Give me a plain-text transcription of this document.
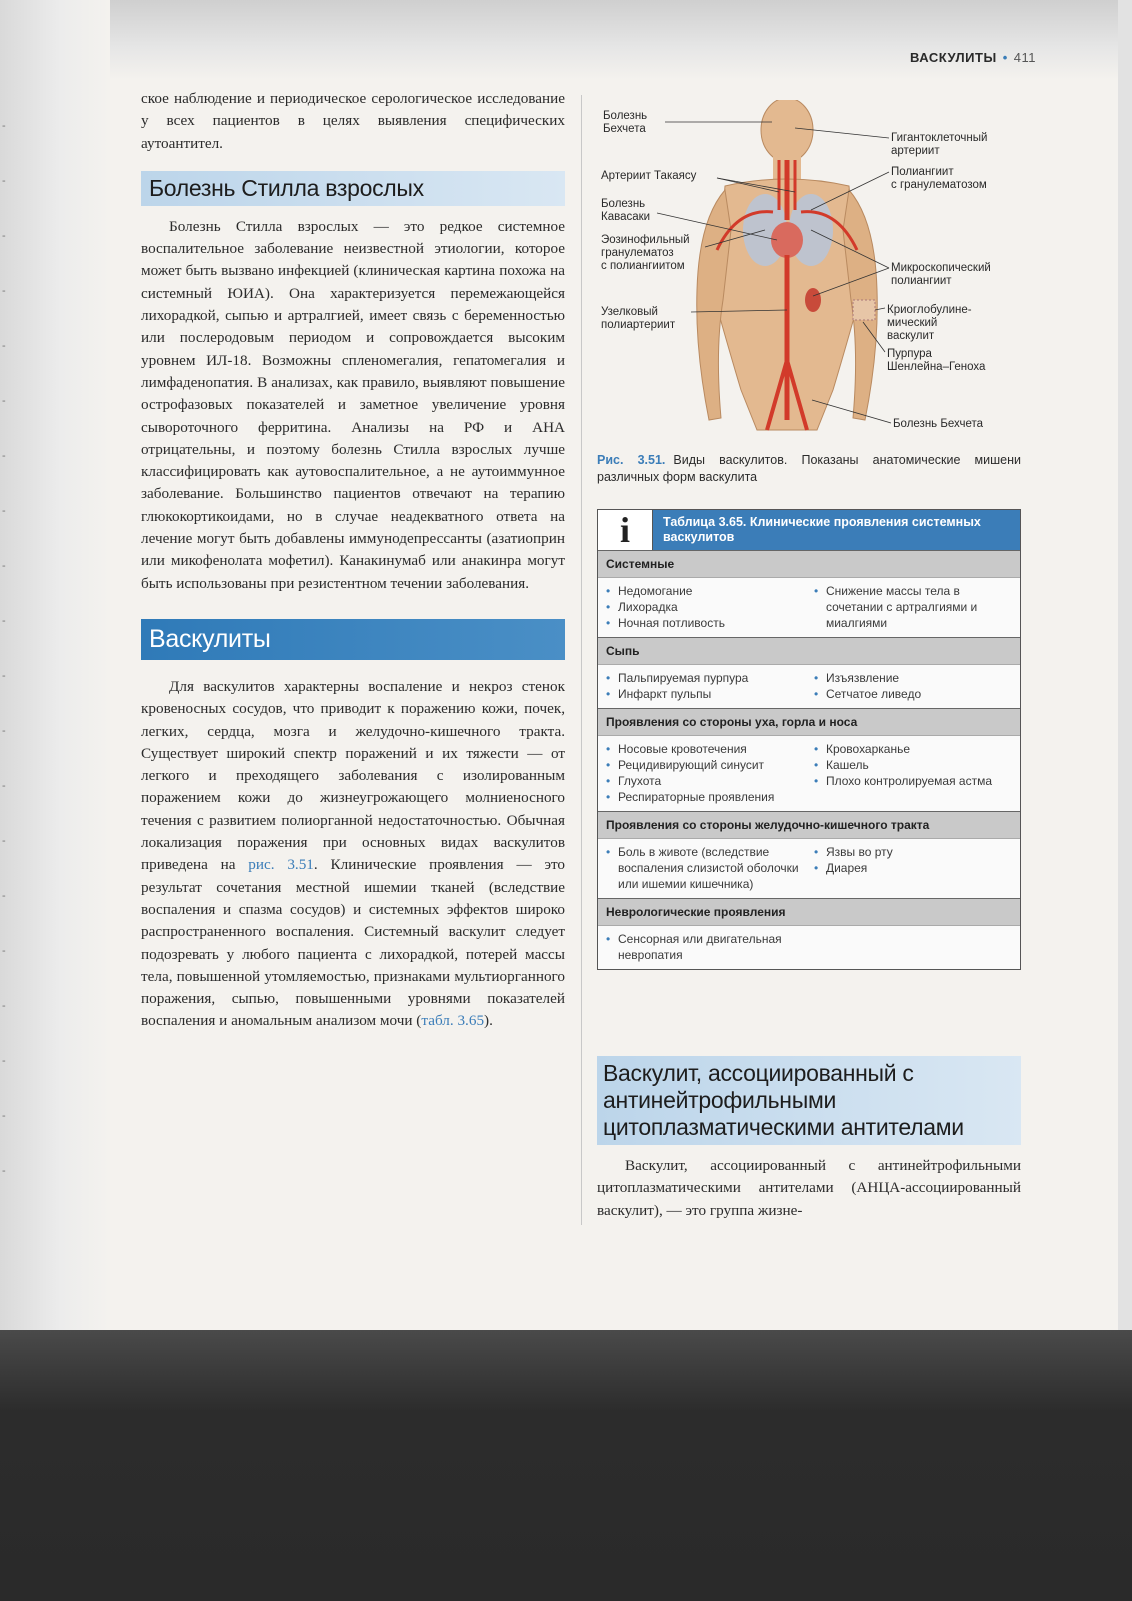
-
-
-
-
-
-
-
-
-
-
-
-
-
-
-
-
-
-
-
-
ВАСКУЛИТЫ • 411

ское наблюдение и периодическое серологическое исследование у всех пациентов в целях выявления специфических аутоантител.

Болезнь Стилла взрослых

Болезнь Стилла взрослых — это редкое системное воспалительное заболевание неизвестной этиологии, которое может быть вызвано инфекцией (клиническая картина похожа на системный ЮИА). Она характеризуется перемежающейся лихорадкой, сыпью и артралгией, имеет связь с беременностью или послеродовым периодом и сопровождается высоким уровнем ИЛ-18. Возможны спленомегалия, гепатомегалия и лимфаденопатия. В анализах, как правило, выявляют повышение острофазовых показателей и заметное увеличение уровня сывороточного ферритина. Анализы на РФ и АНА отрицательны, и поэтому болезнь Стилла взрослых лучше классифицировать как аутовоспалительное, а не аутоиммунное заболевание. Большинство пациентов отвечают на терапию глюкокортикоидами, но в случае неадекватного ответа на лечение могут быть добавлены иммунодепрессанты (азатиоприн или микофенолата мофетил). Канакинумаб или анакинра могут быть использованы при резистентном течении заболевания.

Васкулиты

Для васкулитов характерны воспаление и некроз стенок кровеносных сосудов, что приводит к поражению кожи, почек, легких, сердца, мозга и желудочно-кишечного тракта. Существует широкий спектр поражений и их тяжести — от легкого и преходящего заболевания с изолированным поражением кожи до жизнеугрожающего молниеносного течения с развитием полиорганной недостаточностью. Обычная локализация поражения при основных видах васкулитов приведена на рис. 3.51. Клинические проявления — это результат сочетания местной ишемии тканей (вследствие воспаления и спазма сосудов) и системных эффектов широко распространенного воспаления. Системный васкулит следует подозревать у любого пациента с лихорадкой, потерей массы тела, повышенной утомляемостью, признаками мультиорганного поражения, сыпью, повышенными уровнями показателей воспаления и аномальным анализом мочи (табл. 3.65).

Болезнь
Бехчета
Артериит Такаясу
Болезнь
Кавасаки
Эозинофильный
гранулематоз
с полиангиитом
Узелковый
полиартериит
Гигантоклеточный
артериит
Полиангиит
с гранулематозом
Микроскопический
полиангиит
Криоглобулине-
мический
васкулит
Пурпура
Шенлейна–Геноха
Болезнь Бехчета
Рис. 3.51. Виды васкулитов. Показаны анатомические мишени различных форм васкулита
i	Таблица 3.65. Клинические проявления системных васкулитов
Системные
• Недомогание
• Лихорадка
• Ночная потливость
• Снижение массы тела в сочетании с артралгиями и миалгиями
Сыпь
• Пальпируемая пурпура
• Инфаркт пульпы
• Изъязвление
• Сетчатое ливедо
Проявления со стороны уха, горла и носа
• Носовые кровотечения
• Рецидивирующий синусит
• Глухота
• Респираторные проявления
• Кровохарканье
• Кашель
• Плохо контролируемая астма
Проявления со стороны желудочно-кишечного тракта
• Боль в животе (вследствие воспаления слизистой оболочки или ишемии кишечника)
• Язвы во рту
• Диарея
Неврологические проявления
• Сенсорная или двигательная невропатия
Васкулит, ассоциированный с антинейтрофильными цитоплазматическими антителами

Васкулит, ассоциированный с антинейтрофильными цитоплазматическими антителами (АНЦА-ассоциированный васкулит), — это группа жизне-
